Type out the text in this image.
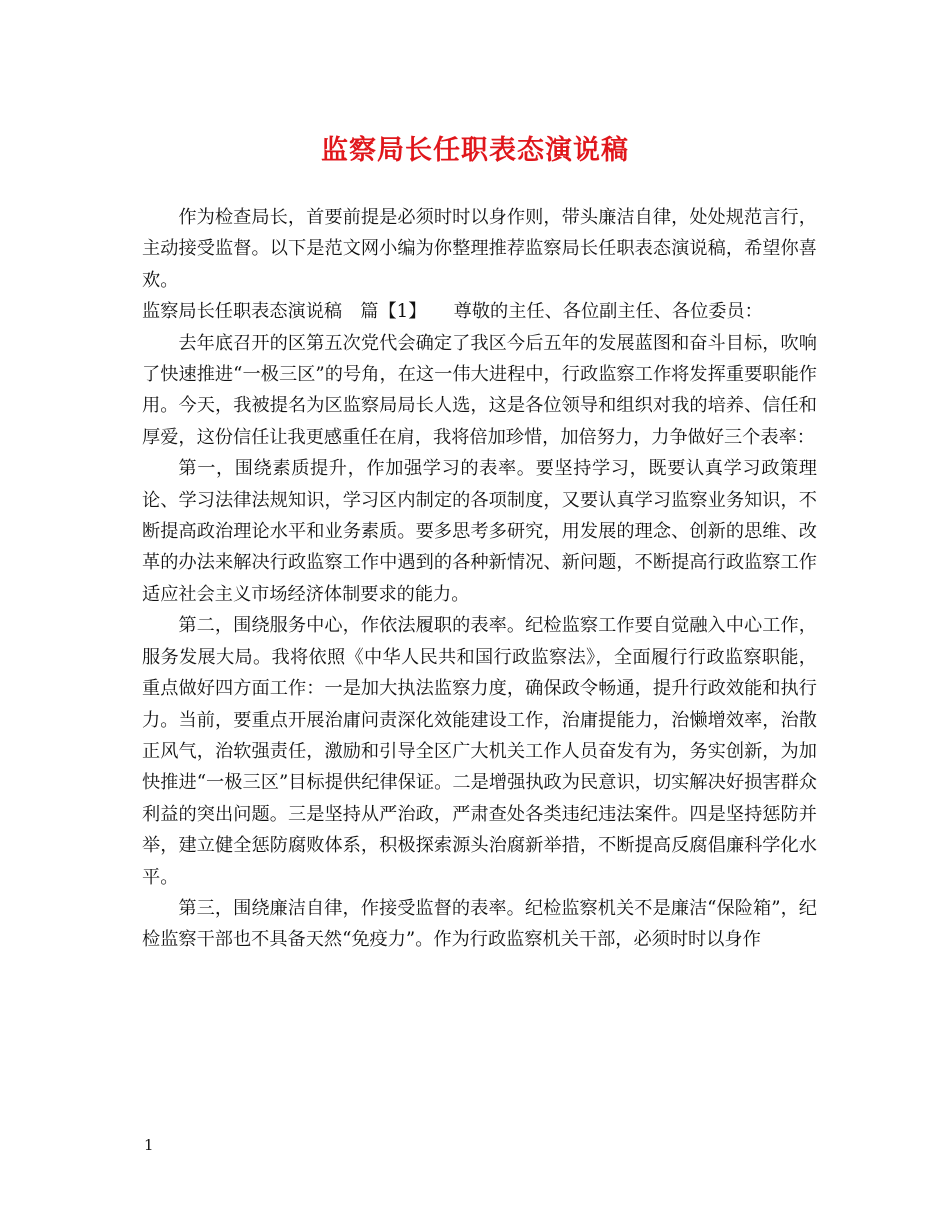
监察局长任职表态演说稿

作为检查局长，首要前提是必须时时以身作则，带头廉洁自律，处处规范言行，主动接受监督。以下是范文网小编为你整理推荐监察局长任职表态演说稿，希望你喜欢。

监察局长任职表态演说稿　篇【1】　　尊敬的主任、各位副主任、各位委员：

去年底召开的区第五次党代会确定了我区今后五年的发展蓝图和奋斗目标，吹响了快速推进“一极三区”的号角，在这一伟大进程中，行政监察工作将发挥重要职能作用。今天，我被提名为区监察局局长人选，这是各位领导和组织对我的培养、信任和厚爱，这份信任让我更感重任在肩，我将倍加珍惜，加倍努力，力争做好三个表率：

第一，围绕素质提升，作加强学习的表率。要坚持学习，既要认真学习政策理论、学习法律法规知识，学习区内制定的各项制度，又要认真学习监察业务知识，不断提高政治理论水平和业务素质。要多思考多研究，用发展的理念、创新的思维、改革的办法来解决行政监察工作中遇到的各种新情况、新问题，不断提高行政监察工作适应社会主义市场经济体制要求的能力。

第二，围绕服务中心，作依法履职的表率。纪检监察工作要自觉融入中心工作，服务发展大局。我将依照《中华人民共和国行政监察法》，全面履行行政监察职能，重点做好四方面工作：一是加大执法监察力度，确保政令畅通，提升行政效能和执行力。当前，要重点开展治庸问责深化效能建设工作，治庸提能力，治懒增效率，治散正风气，治软强责任，激励和引导全区广大机关工作人员奋发有为，务实创新，为加快推进“一极三区”目标提供纪律保证。二是增强执政为民意识，切实解决好损害群众利益的突出问题。三是坚持从严治政，严肃查处各类违纪违法案件。四是坚持惩防并举，建立健全惩防腐败体系，积极探索源头治腐新举措，不断提高反腐倡廉科学化水平。

第三，围绕廉洁自律，作接受监督的表率。纪检监察机关不是廉洁“保险箱”，纪检监察干部也不具备天然“免疫力”。作为行政监察机关干部，必须时时以身作

1
